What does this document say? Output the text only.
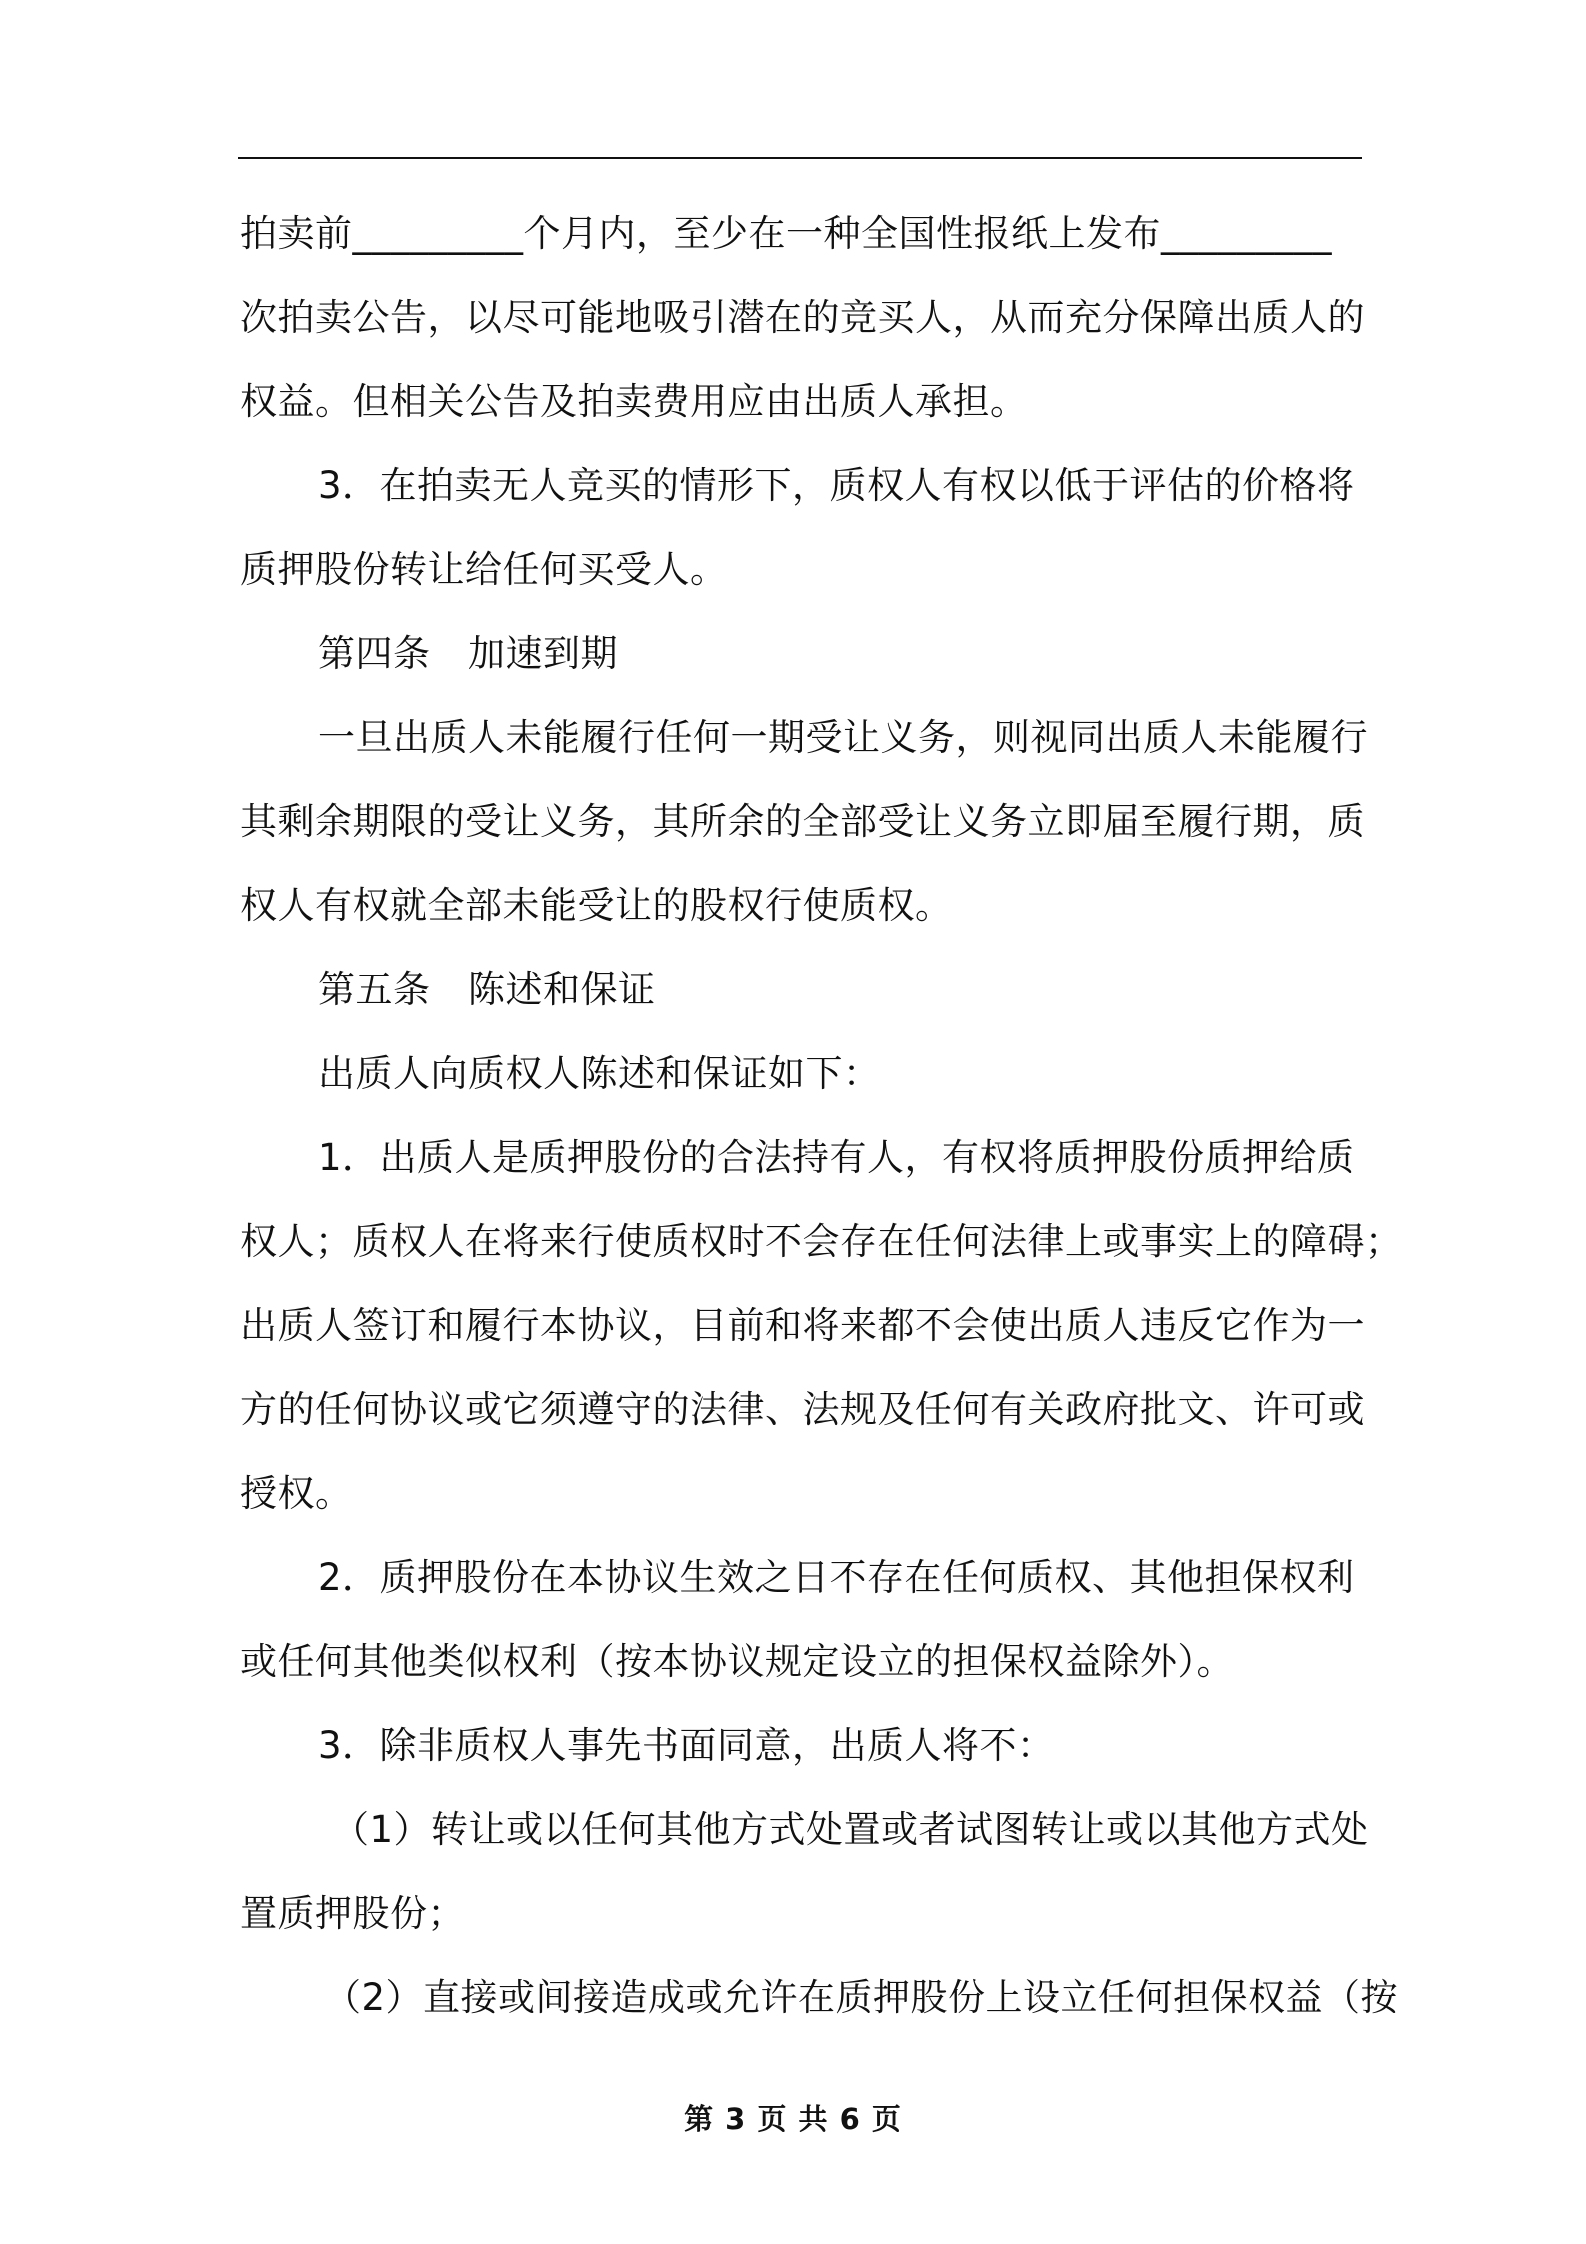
拍卖前_________个月内，至少在一种全国性报纸上发布_________
次拍卖公告，以尽可能地吸引潜在的竞买人，从而充分保障出质人的
权益。但相关公告及拍卖费用应由出质人承担。
3．在拍卖无人竞买的情形下，质权人有权以低于评估的价格将
质押股份转让给任何买受人。
第四条　加速到期
一旦出质人未能履行任何一期受让义务，则视同出质人未能履行
其剩余期限的受让义务，其所余的全部受让义务立即届至履行期，质
权人有权就全部未能受让的股权行使质权。
第五条　陈述和保证
出质人向质权人陈述和保证如下：
1．出质人是质押股份的合法持有人，有权将质押股份质押给质
权人；质权人在将来行使质权时不会存在任何法律上或事实上的障碍；
出质人签订和履行本协议，目前和将来都不会使出质人违反它作为一
方的任何协议或它须遵守的法律、法规及任何有关政府批文、许可或
授权。
2．质押股份在本协议生效之日不存在任何质权、其他担保权利
或任何其他类似权利（按本协议规定设立的担保权益除外）。
3．除非质权人事先书面同意，出质人将不：
（1）转让或以任何其他方式处置或者试图转让或以其他方式处
置质押股份；
（2）直接或间接造成或允许在质押股份上设立任何担保权益（按
第 3 页 共 6 页
